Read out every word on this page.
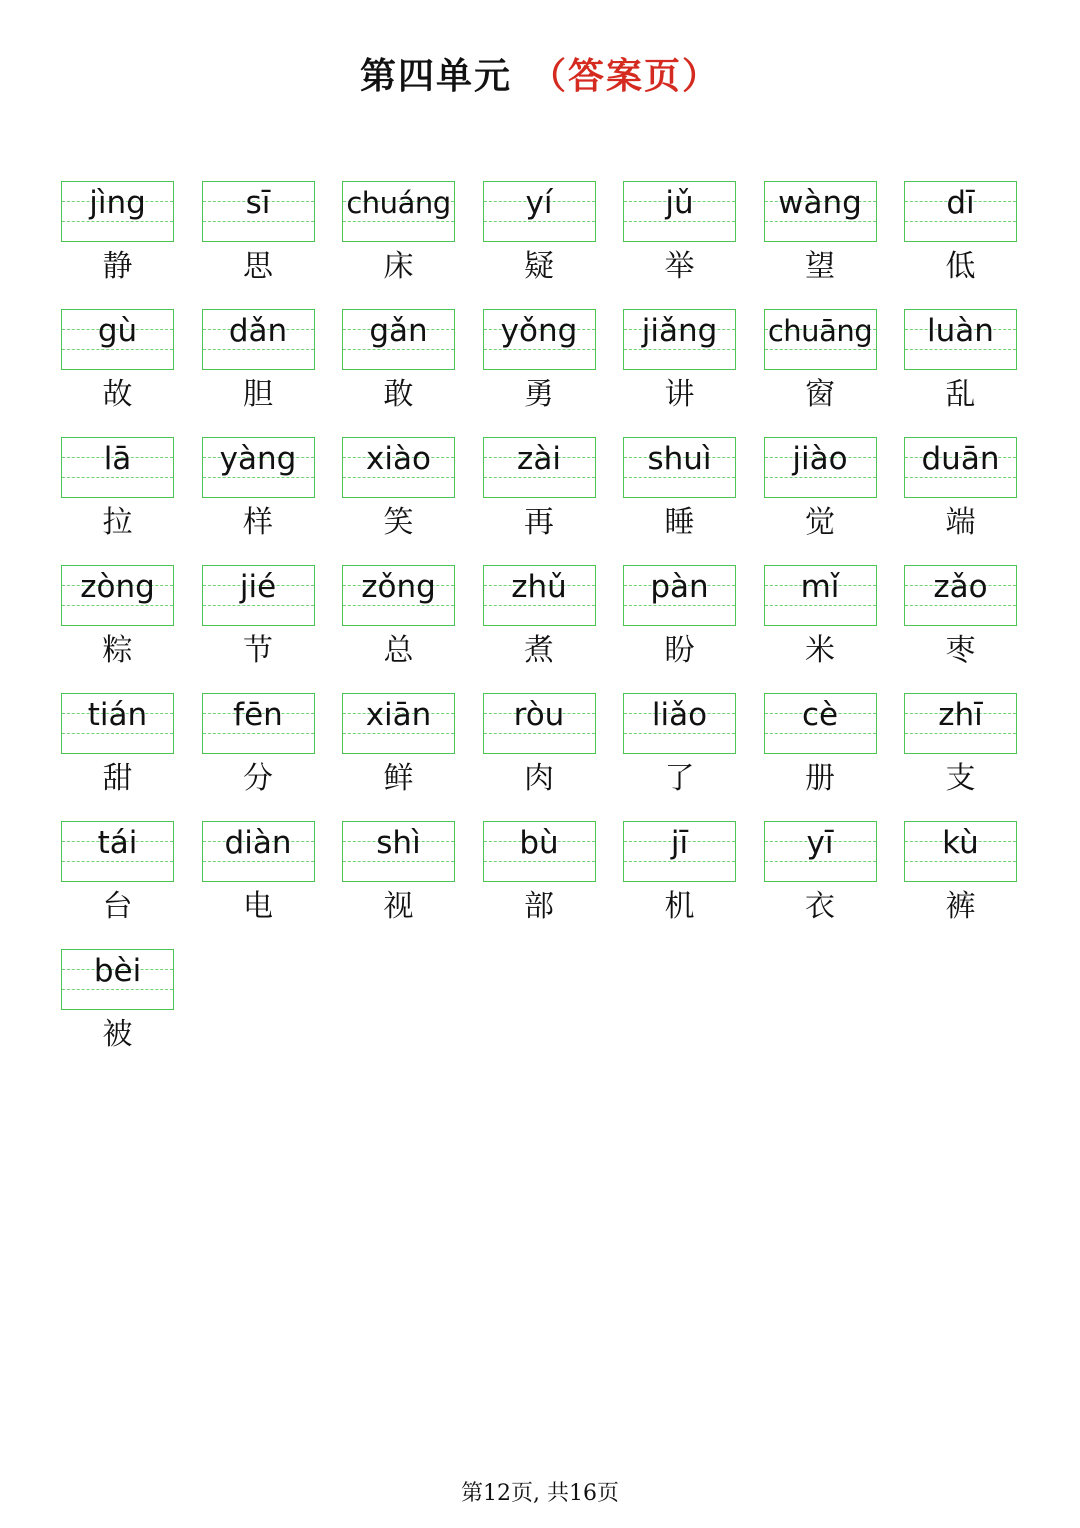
第四单元 （答案页）
jìng
静
sī
思
chuáng
床
yí
疑
jǔ
举
wàng
望
dī
低
gù
故
dǎn
胆
gǎn
敢
yǒng
勇
jiǎng
讲
chuāng
窗
luàn
乱
lā
拉
yàng
样
xiào
笑
zài
再
shuì
睡
jiào
觉
duān
端
zòng
粽
jié
节
zǒng
总
zhǔ
煮
pàn
盼
mǐ
米
zǎo
枣
tián
甜
fēn
分
xiān
鲜
ròu
肉
liǎo
了
cè
册
zhī
支
tái
台
diàn
电
shì
视
bù
部
jī
机
yī
衣
kù
裤
bèi
被
第12页, 共16页
